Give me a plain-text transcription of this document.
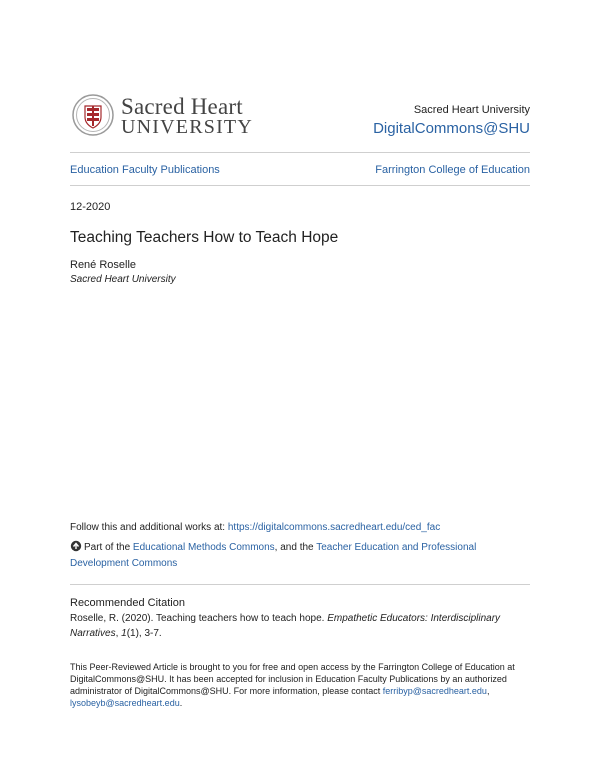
Sacred Heart
UNIVERSITY
Sacred Heart University
DigitalCommons@SHU
Education Faculty Publications	Farrington College of Education
12-2020
Teaching Teachers How to Teach Hope
René Roselle
Sacred Heart University
Follow this and additional works at: https://digitalcommons.sacredheart.edu/ced_fac
Part of the Educational Methods Commons, and the Teacher Education and Professional Development Commons
Recommended Citation
Roselle, R. (2020). Teaching teachers how to teach hope. Empathetic Educators: Interdisciplinary Narratives, 1(1), 3-7.
This Peer-Reviewed Article is brought to you for free and open access by the Farrington College of Education at DigitalCommons@SHU. It has been accepted for inclusion in Education Faculty Publications by an authorized administrator of DigitalCommons@SHU. For more information, please contact ferribyp@sacredheart.edu, lysobeyb@sacredheart.edu.
